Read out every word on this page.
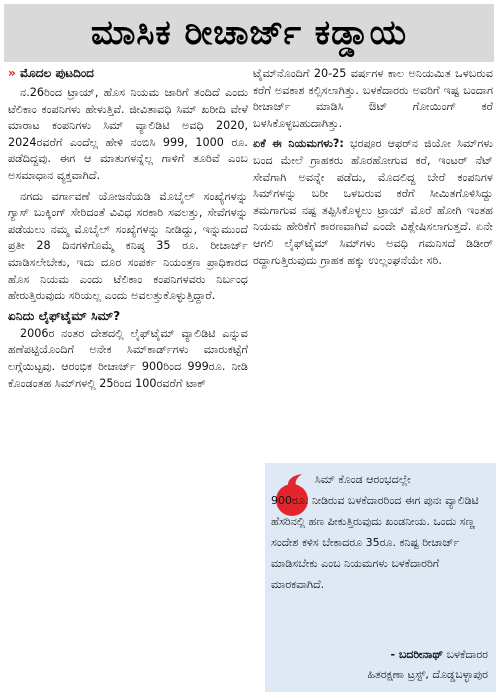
ಮಾಸಿಕ ರೀಚಾರ್ಜ್ ಕಡ್ಡಾಯ
» ಮೊದಲ ಪುಟದಿಂದ

ನ.26ರಿಂದ ಟ್ರಾಯ್, ಹೊಸ ನಿಯಮ ಜಾರಿಗೆ ತಂದಿದೆ ಎಂದು ಟೆಲಿಕಾಂ ಕಂಪನಿಗಳು ಹೇಳುತ್ತಿವೆ. ಜೀವಿತಾವಧಿ ಸಿಮ್ ಖರೀದಿ ವೇಳೆ ಮಾರಾಟ ಕಂಪನಿಗಳು ಸಿಮ್ ವ್ಯಾಲಿಡಿಟಿ ಅವಧಿ 2020, 2024ರವರೆಗೆ ಎಂದೆಲ್ಲ ಹೇಳಿ ನಂಬಿಸಿ 999, 1000 ರೂ. ಪಡೆದಿದ್ದವು. ಈಗ ಆ ಮಾತುಗಳನ್ನೆಲ್ಲ ಗಾಳಿಗೆ ತೂರಿವೆ ಎಂಬ ಅಸಮಾಧಾನ ವ್ಯಕ್ತವಾಗಿದೆ.

ನಗದು ವರ್ಗಾವಣೆ ಯೋಜನೆಯಡಿ ಮೊಬೈಲ್ ಸಂಖ್ಯೆಗಳನ್ನು ಗ್ಯಾಸ್ ಬುಕ್ಕಿಂಗ್ ಸೇರಿದಂತೆ ವಿವಿಧ ಸರಕಾರಿ ಸವಲತ್ತು, ಸೇವೆಗಳನ್ನು ಪಡೆಯಲು ನಮ್ಮ ಮೊಬೈಲ್ ಸಂಖ್ಯೆಗಳನ್ನು ನೀಡಿದ್ದು, ಇನ್ನುಮುಂದೆ ಪ್ರತೀ 28 ದಿನಗಳಿಗೊಮ್ಮೆ ಕನಿಷ್ಠ 35 ರೂ. ರೀಚಾರ್ಜ್ ಮಾಡಿಸಲೇಬೇಕು, ಇದು ದೂರ ಸಂಪರ್ಕ ನಿಯಂತ್ರಣ ಪ್ರಾಧಿಕಾರದ ಹೊಸ ನಿಯಮ ಎಂದು ಟೆಲಿಕಾಂ ಕಂಪನಿಗಳವರು ನಿರ್ಬಂಧ ಹೇರುತ್ತಿರುವುದು ಸರಿಯಲ್ಲ ಎಂದು ಅವಲತ್ತುಕೊಳ್ಳುತ್ತಿದ್ದಾರೆ.

ಏನಿದು ಲೈಫ್‌ಟೈಮ್ ಸಿಮ್?

2006ರ ನಂತರ ದೇಶದಲ್ಲಿ ಲೈಫ್‌ಟೈಮ್ ವ್ಯಾಲಿಡಿಟಿ ಎನ್ನುವ ಹಣೆಪಟ್ಟಿಯೊಂದಿಗೆ ಅನೇಕ ಸಿಮ್‌ಕಾರ್ಡ್‌ಗಳು ಮಾರುಕಟ್ಟೆಗೆ ಲಗ್ಗೆಯಿಟ್ಟವು. ಆರಂಭಿಕ ರೀಚಾರ್ಜ್ 900ರಿಂದ 999ರೂ. ನೀಡಿ ಕೊಂಡಂತಹ ಸಿಮ್‌ಗಳಲ್ಲಿ 25ರಿಂದ 100ರವರೆಗೆ ಟಾಕ್

ಟೈಮ್‌ನೊಂದಿಗೆ 20-25 ವರ್ಷಗಳ ಕಾಲ ಅನಿಯಮಿತ ಒಳಬರುವ ಕರೆಗೆ ಅವಕಾಶ ಕಲ್ಪಿಸಲಾಗಿತ್ತು. ಬಳಕೆದಾರರು ಅವರಿಗೆ ಇಷ್ಟ ಬಂದಾಗ ರೀಚಾರ್ಜ್ ಮಾಡಿಸಿ ಔಟ್ ಗೋಯಿಂಗ್ ಕರೆ ಬಳಸಿಕೊಳ್ಳಬಹುದಾಗಿತ್ತು.

ಏಕೆ ಈ ನಿಯಮಗಳು?: ಭರಪೂರ ಆಫರ್‌ನ ಜಿಯೋ ಸಿಮ್‌ಗಳು ಬಂದ ಮೇಲೆ ಗ್ರಾಹಕರು ಹೊರಹೋಗುವ ಕರೆ, ಇಂಟರ್ ನೆಟ್ ಸೇವೆಗಾಗಿ ಅವನ್ನೇ ಪಡೆದು, ಮೊದಲಿದ್ದ ಬೇರೆ ಕಂಪನಿಗಳ ಸಿಮ್‌ಗಳನ್ನು ಬರೀ ಒಳಬರುವ ಕರೆಗೆ ಸೀಮಿತಗೊಳಿಸಿದ್ದು ತಮಗಾಗುವ ನಷ್ಟ ತಪ್ಪಿಸಿಕೊಳ್ಳಲು ಟ್ರಾಯ್ ಮೊರೆ ಹೋಗಿ ಇಂತಹ ನಿಯಮ ಹೇರಿಕೆಗೆ ಕಾರಣವಾಗಿವೆ ಎಂದೇ ವಿಶ್ಲೇಷಿಸಲಾಗುತ್ತದೆ. ಏನೇ ಆಗಲಿ ಲೈಫ್‌ಟೈಮ್ ಸಿಮ್‌ಗಳು ಅವಧಿ ಗಮನಿಸದೆ ಡಿಡೀರ್ ರದ್ದಾಗುತ್ತಿರುವುದು ಗ್ರಾಹಕ ಹಕ್ಕು ಉಲ್ಲಂಘನೆಯೇ ಸರಿ.

ಸಿಮ್ ಕೊಂಡ ಆರಂಭದಲ್ಲೇ
900ರೂ. ನೀಡಿರುವ ಬಳಕೆದಾರರಿಂದ ಈಗ ಪುನಃ ವ್ಯಾಲಿಡಿಟಿ ಹೆಸರಿನಲ್ಲಿ ಹಣ ಪೀಕುತ್ತಿರುವುದು ಖಂಡನೀಯ. ಒಂದು ಸಣ್ಣ ಸಂದೇಶ ಕಳಿಸ ಬೇಕಾದರೂ 35ರೂ. ಕನಿಷ್ಟ ರೀಚಾರ್ಜ್ ಮಾಡಿಸಬೇಕು ಎಂಬ ನಿಯಮಗಳು ಬಳಕೆದಾರರಿಗೆ ಮಾರಕವಾಗಿದೆ.
- ಬದರೀನಾಥ್ ಬಳಕೆದಾರರ
ಹಿತರಕ್ಷಣಾ ಟ್ರಸ್ಟ್, ದೊಡ್ಡಬಳ್ಳಾಪುರ
